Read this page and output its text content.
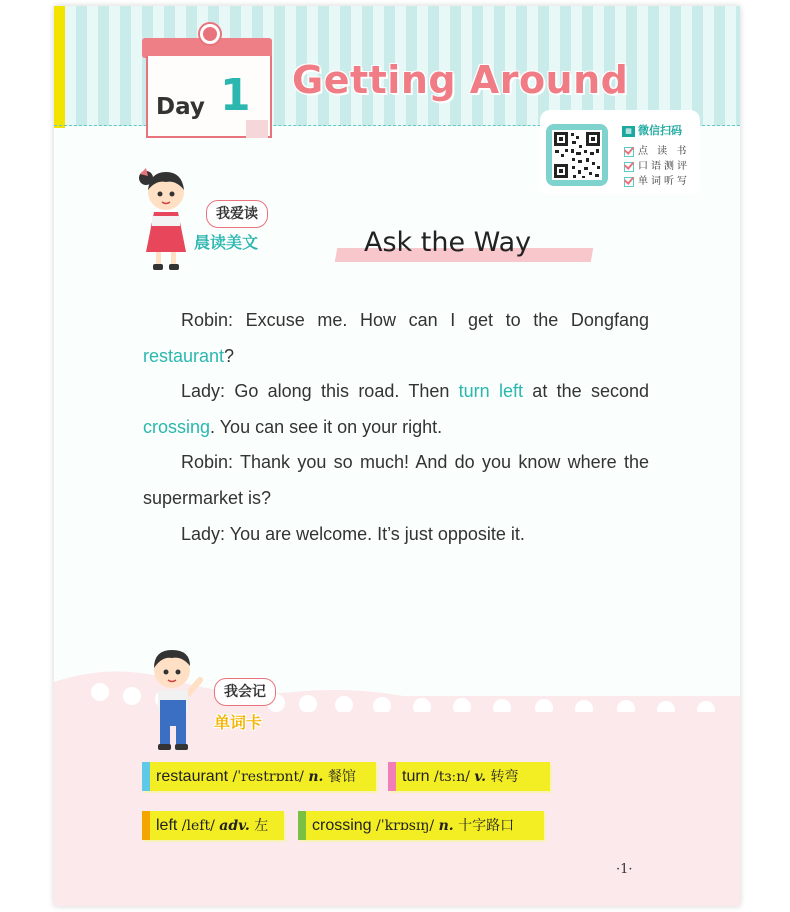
Day 1 Getting Around
▦ 微信扫码
点 读 书
口语测评
单词听写
我爱读
晨读美文	Ask the Way

Robin: Excuse me. How can I get to the Dongfang restaurant?

Lady: Go along this road. Then turn left at the second crossing. You can see it on your right.

Robin: Thank you so much! And do you know where the supermarket is?

Lady: You are welcome. It’s just opposite it.

我会记
单词卡
restaurant /ˈrestrɒnt/ n. 餐馆	turn /tɜːn/ v. 转弯
left /left/ adv. 左	crossing /ˈkrɒsɪŋ/ n. 十字路口
·1·
